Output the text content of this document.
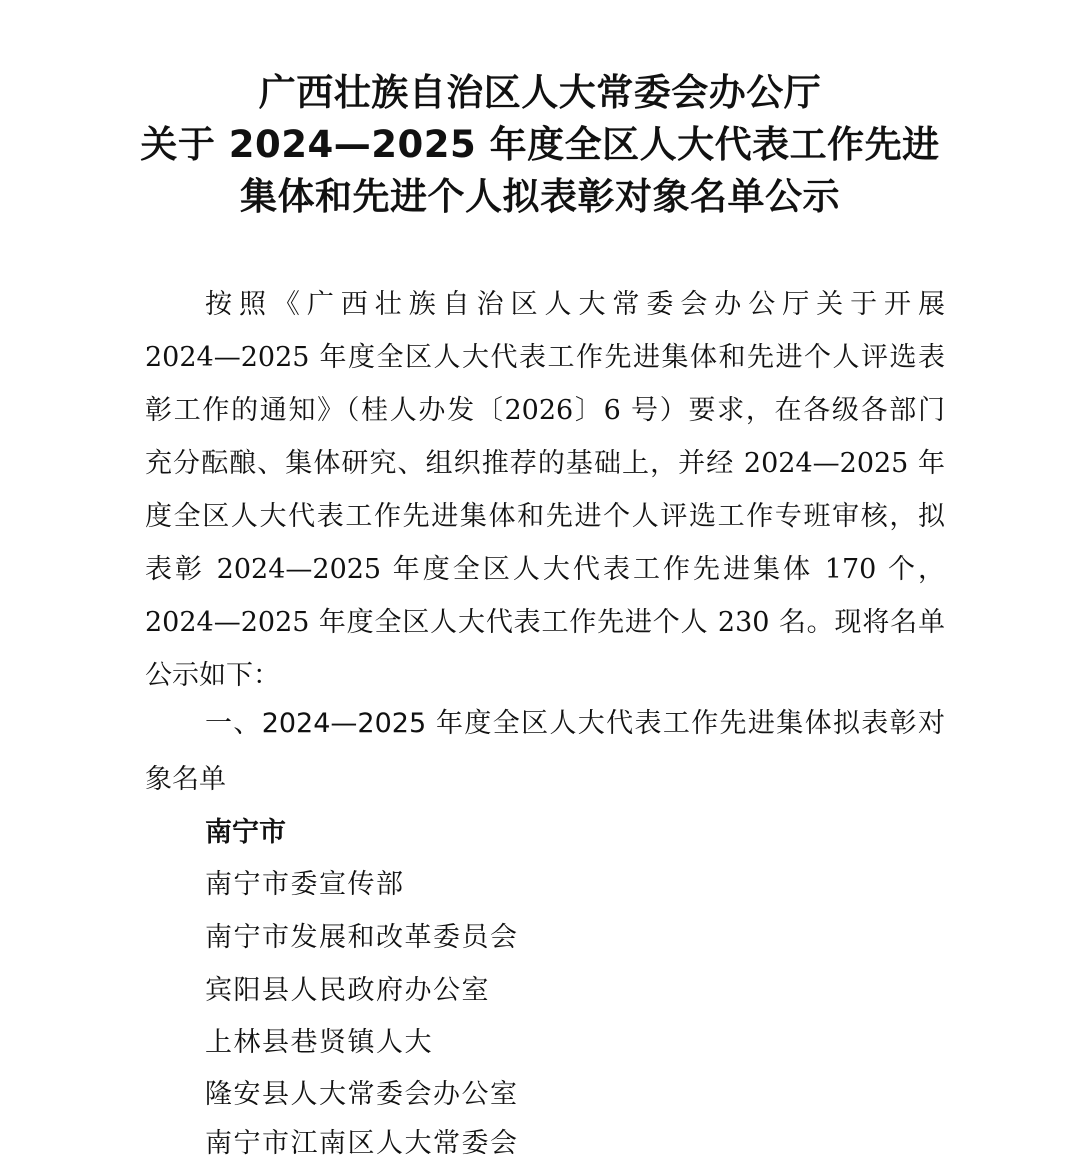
广西壮族自治区人大常委会办公厅
关于 2024—2025 年度全区人大代表工作先进
集体和先进个人拟表彰对象名单公示
按照《广西壮族自治区人大常委会办公厅关于开展
2024—2025 年度全区人大代表工作先进集体和先进个人评选表
彰工作的通知》（桂人办发〔2026〕6 号）要求，在各级各部门
充分酝酿、集体研究、组织推荐的基础上，并经 2024—2025 年
度全区人大代表工作先进集体和先进个人评选工作专班审核，拟
表彰 2024—2025 年度全区人大代表工作先进集体 170 个，
2024—2025 年度全区人大代表工作先进个人 230 名。现将名单
公示如下：
一、2024—2025 年度全区人大代表工作先进集体拟表彰对
象名单
南宁市
南宁市委宣传部
南宁市发展和改革委员会
宾阳县人民政府办公室
上林县巷贤镇人大
隆安县人大常委会办公室
南宁市江南区人大常委会
